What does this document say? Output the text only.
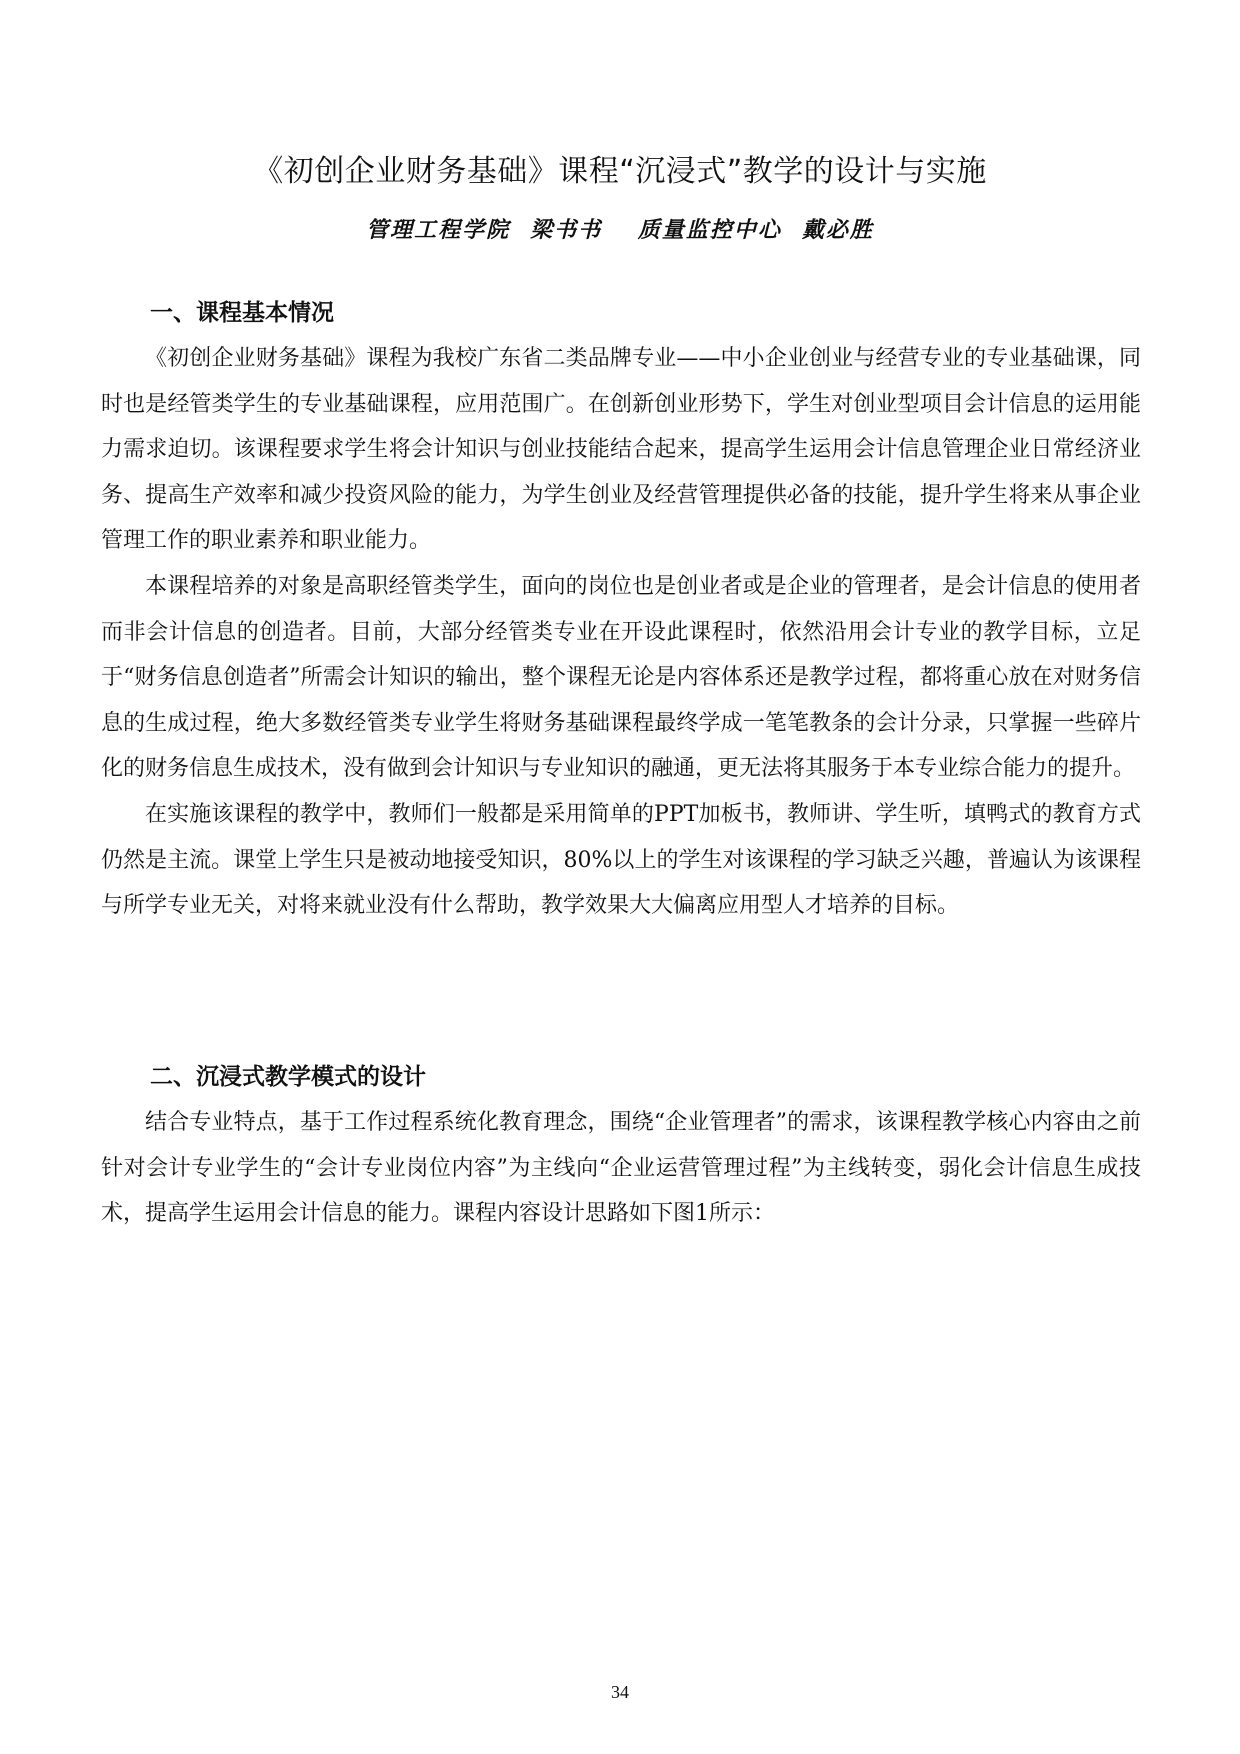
《初创企业财务基础》课程“沉浸式”教学的设计与实施
管理工程学院 梁书书 质量监控中心 戴必胜
一、课程基本情况

《初创企业财务基础》课程为我校广东省二类品牌专业——中小企业创业与经营专业的专业基础课，同时也是经管类学生的专业基础课程，应用范围广。在创新创业形势下，学生对创业型项目会计信息的运用能力需求迫切。该课程要求学生将会计知识与创业技能结合起来，提高学生运用会计信息管理企业日常经济业务、提高生产效率和减少投资风险的能力，为学生创业及经营管理提供必备的技能，提升学生将来从事企业管理工作的职业素养和职业能力。

本课程培养的对象是高职经管类学生，面向的岗位也是创业者或是企业的管理者，是会计信息的使用者而非会计信息的创造者。目前，大部分经管类专业在开设此课程时，依然沿用会计专业的教学目标，立足于“财务信息创造者”所需会计知识的输出，整个课程无论是内容体系还是教学过程，都将重心放在对财务信息的生成过程，绝大多数经管类专业学生将财务基础课程最终学成一笔笔教条的会计分录，只掌握一些碎片化的财务信息生成技术，没有做到会计知识与专业知识的融通，更无法将其服务于本专业综合能力的提升。

在实施该课程的教学中，教师们一般都是采用简单的PPT加板书，教师讲、学生听，填鸭式的教育方式仍然是主流。课堂上学生只是被动地接受知识，80%以上的学生对该课程的学习缺乏兴趣，普遍认为该课程与所学专业无关，对将来就业没有什么帮助，教学效果大大偏离应用型人才培养的目标。

二、沉浸式教学模式的设计

结合专业特点，基于工作过程系统化教育理念，围绕“企业管理者”的需求，该课程教学核心内容由之前针对会计专业学生的“会计专业岗位内容”为主线向“企业运营管理过程”为主线转变，弱化会计信息生成技术，提高学生运用会计信息的能力。课程内容设计思路如下图1所示：

34
